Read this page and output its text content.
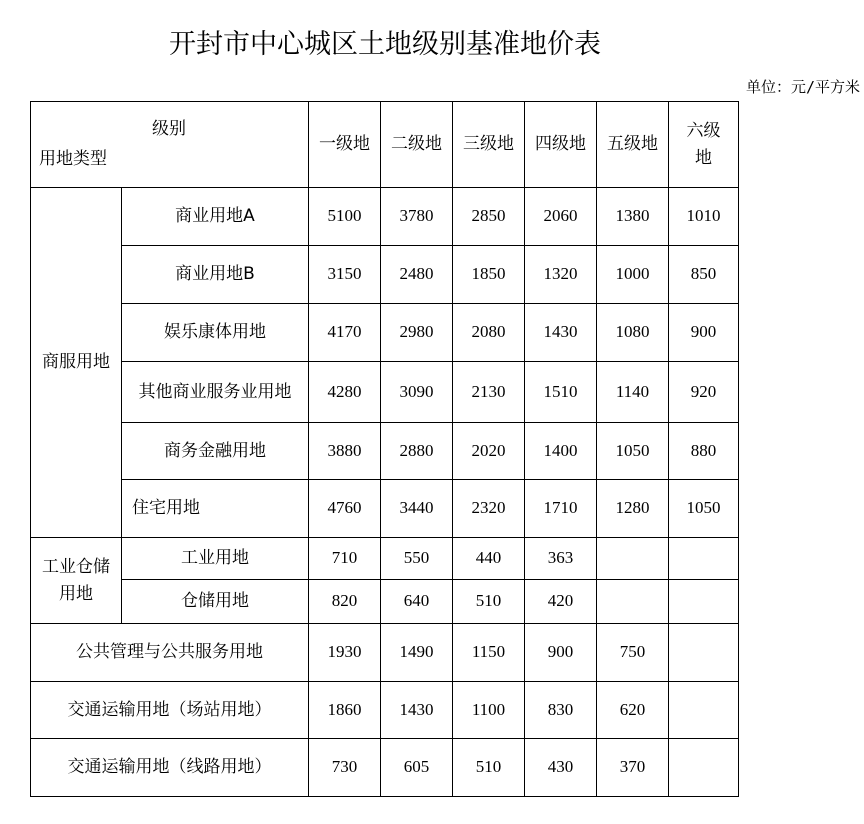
开封市中心城区土地级别基准地价表
单位：元/平方米
级别
用地类型		一级地	二级地	三级地	四级地	五级地	六级地
商服用地	商业用地A	5100	3780	2850	2060	1380	1010
	商业用地B	3150	2480	1850	1320	1000	850
	娱乐康体用地	4170	2980	2080	1430	1080	900
	其他商业服务业用地	4280	3090	2130	1510	1140	920
	商务金融用地	3880	2880	2020	1400	1050	880
	住宅用地	4760	3440	2320	1710	1280	1050
工业仓储用地	工业用地	710	550	440	363		
	仓储用地	820	640	510	420		
公共管理与公共服务用地		1930	1490	1150	900	750	
交通运输用地（场站用地）		1860	1430	1100	830	620	
交通运输用地（线路用地）		730	605	510	430	370	
